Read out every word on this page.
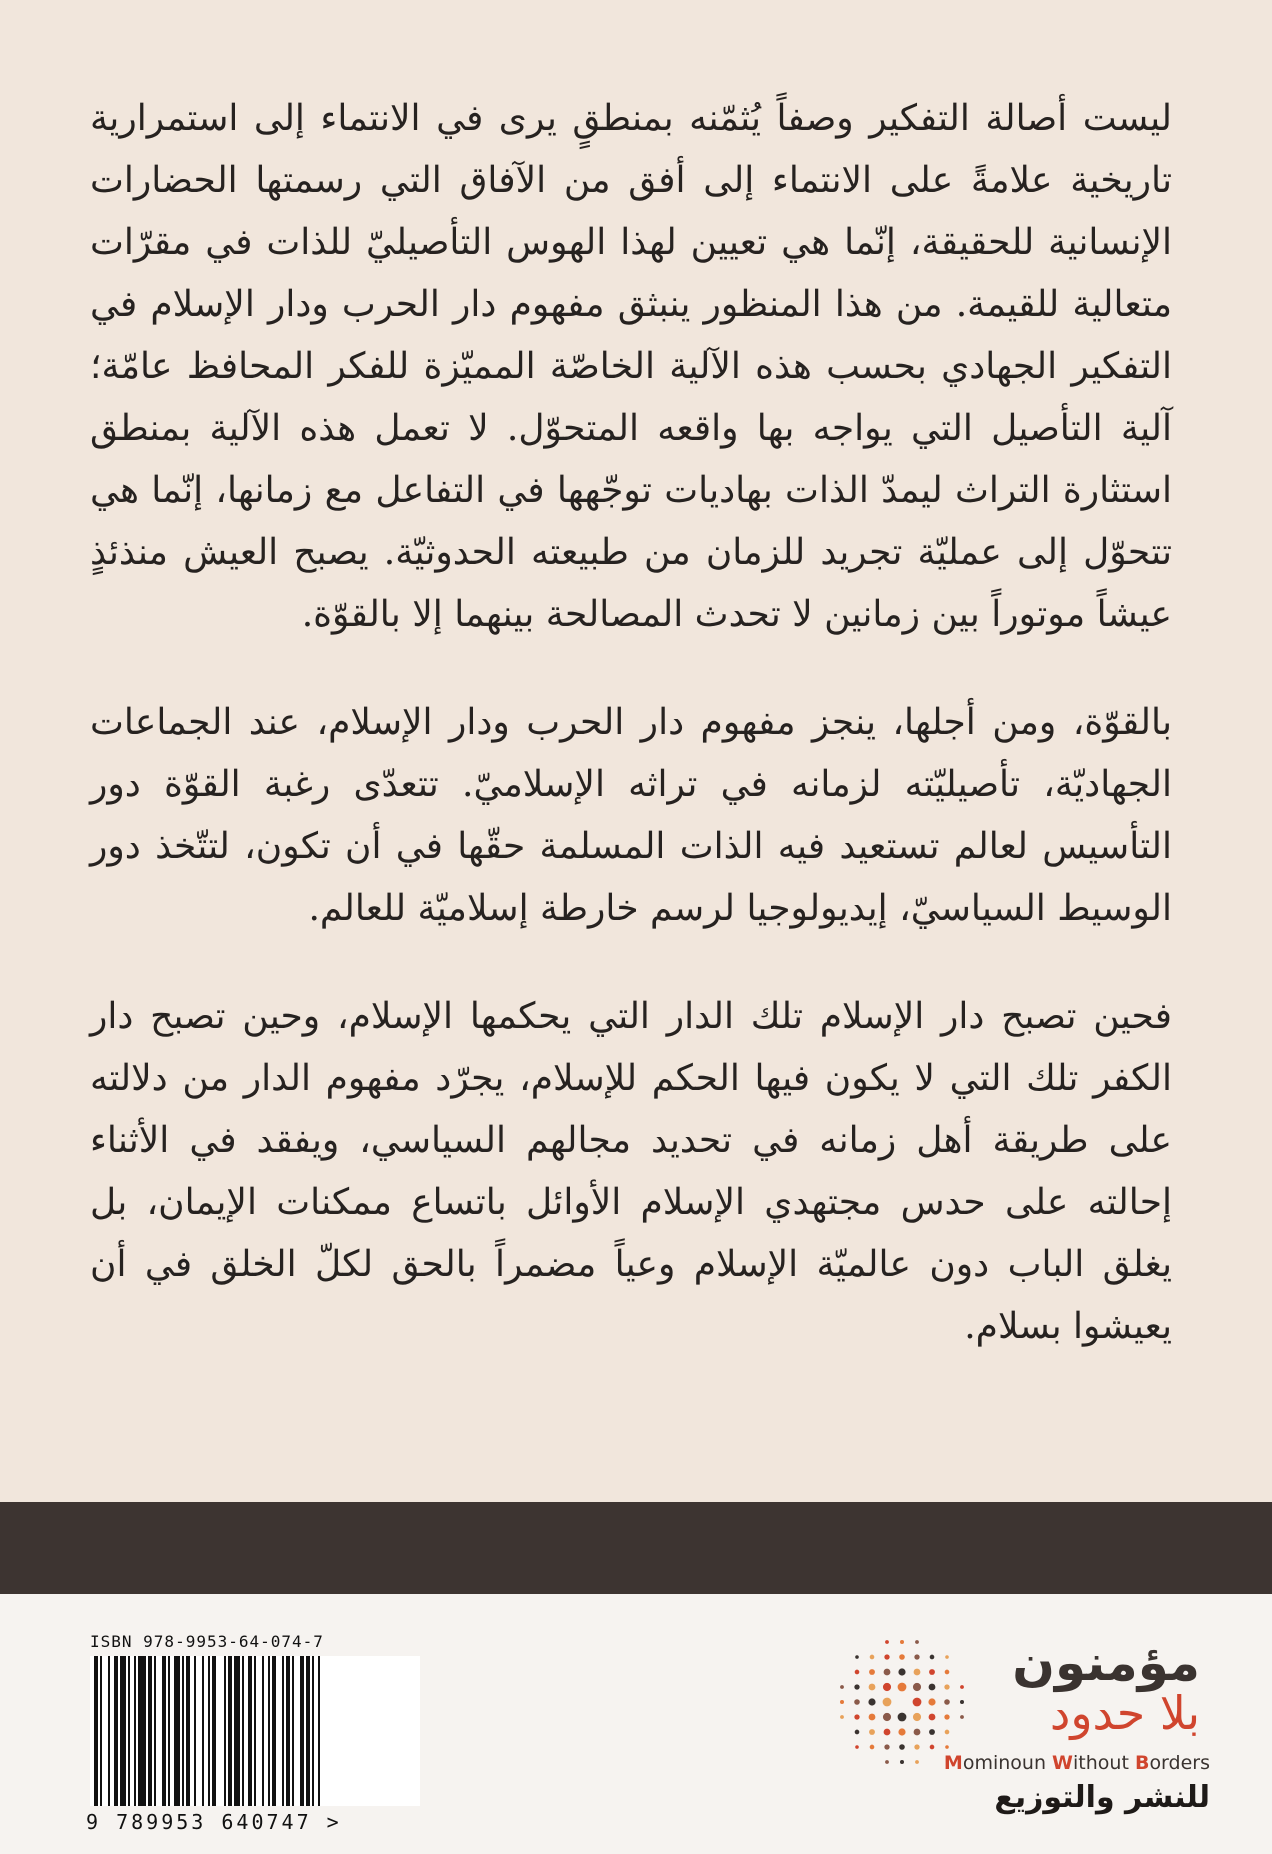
ليست أصالة التفكير وصفاً يُثمّنه بمنطقٍ يرى في الانتماء إلى استمرارية تاريخية علامةً على الانتماء إلى أفق من الآفاق التي رسمتها الحضارات الإنسانية للحقيقة، إنّما هي تعيين لهذا الهوس التأصيليّ للذات في مقرّات متعالية للقيمة. من هذا المنظور ينبثق مفهوم دار الحرب ودار الإسلام في التفكير الجهادي بحسب هذه الآلية الخاصّة المميّزة للفكر المحافظ عامّة؛ آلية التأصيل التي يواجه بها واقعه المتحوّل. لا تعمل هذه الآلية بمنطق استثارة التراث ليمدّ الذات بهاديات توجّهها في التفاعل مع زمانها، إنّما هي تتحوّل إلى عمليّة تجريد للزمان من طبيعته الحدوثيّة. يصبح العيش منذئذٍ عيشاً موتوراً بين زمانين لا تحدث المصالحة بينهما إلا بالقوّة.

بالقوّة، ومن أجلها، ينجز مفهوم دار الحرب ودار الإسلام، عند الجماعات الجهاديّة، تأصيليّته لزمانه في تراثه الإسلاميّ. تتعدّى رغبة القوّة دور التأسيس لعالم تستعيد فيه الذات المسلمة حقّها في أن تكون، لتتّخذ دور الوسيط السياسيّ، إيديولوجيا لرسم خارطة إسلاميّة للعالم.

فحين تصبح دار الإسلام تلك الدار التي يحكمها الإسلام، وحين تصبح دار الكفر تلك التي لا يكون فيها الحكم للإسلام، يجرّد مفهوم الدار من دلالته على طريقة أهل زمانه في تحديد مجالهم السياسي، ويفقد في الأثناء إحالته على حدس مجتهدي الإسلام الأوائل باتساع ممكنات الإيمان، بل يغلق الباب دون عالميّة الإسلام وعياً مضمراً بالحق لكلّ الخلق في أن يعيشوا بسلام.

ISBN 978-9953-64-074-7
9 789953 640747 >
مؤمنون
بلا حدود
Mominoun Without Borders
للنشر والتوزيع
